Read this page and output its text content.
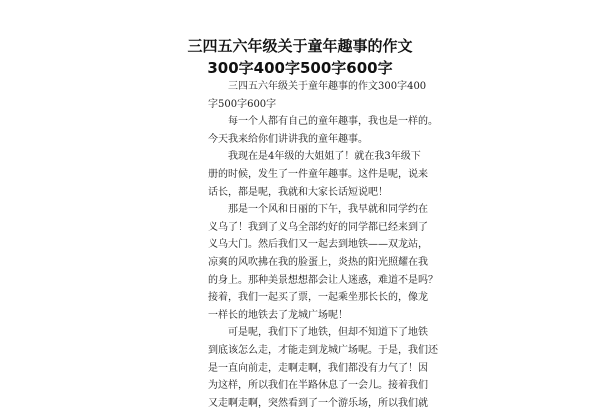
三四五六年级关于童年趣事的作文
300字400字500字600字

三四五六年级关于童年趣事的作文300字400

字500字600字

每一个人都有自己的童年趣事，我也是一样的。

今天我来给你们讲讲我的童年趣事。

我现在是4年级的大姐姐了！就在我3年级下

册的时候，发生了一件童年趣事。这件是呢，说来

话长，都是呢，我就和大家长话短说吧！

那是一个风和日丽的下午，我早就和同学约在

义乌了！我到了义乌全部约好的同学都已经来到了

义乌大门。然后我们又一起去到地铁——双龙站，

凉爽的风吹拂在我的脸蛋上，炎热的阳光照耀在我

的身上。那种美景想想都会让人迷惑，难道不是吗？

接着，我们一起买了票，一起乘坐那长长的，像龙

一样长的地铁去了龙城广场呢！

可是呢，我们下了地铁，但却不知道下了地铁

到底该怎么走，才能走到龙城广场呢。于是，我们还

是一直向前走，走啊走啊，我们都没有力气了！因

为这样，所以我们在半路休息了一会儿。接着我们

又走啊走啊，突然看到了一个游乐场，所以我们就
